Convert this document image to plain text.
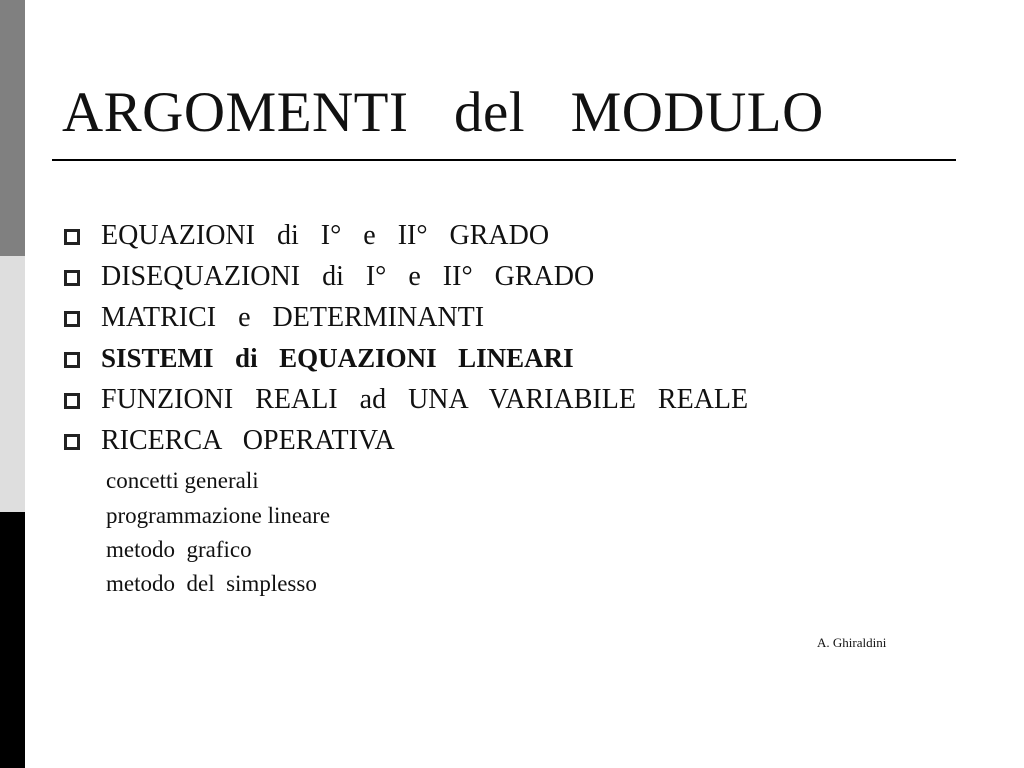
ARGOMENTI  del  MODULO
EQUAZIONI  di  I°  e  II°  GRADO
DISEQUAZIONI  di  I°  e  II°  GRADO
MATRICI  e  DETERMINANTI
SISTEMI  di  EQUAZIONI  LINEARI
FUNZIONI  REALI  ad  UNA  VARIABILE  REALE
RICERCA  OPERATIVA
concetti generali
programmazione lineare
metodo  grafico
metodo  del  simplesso
A. Ghiraldini
